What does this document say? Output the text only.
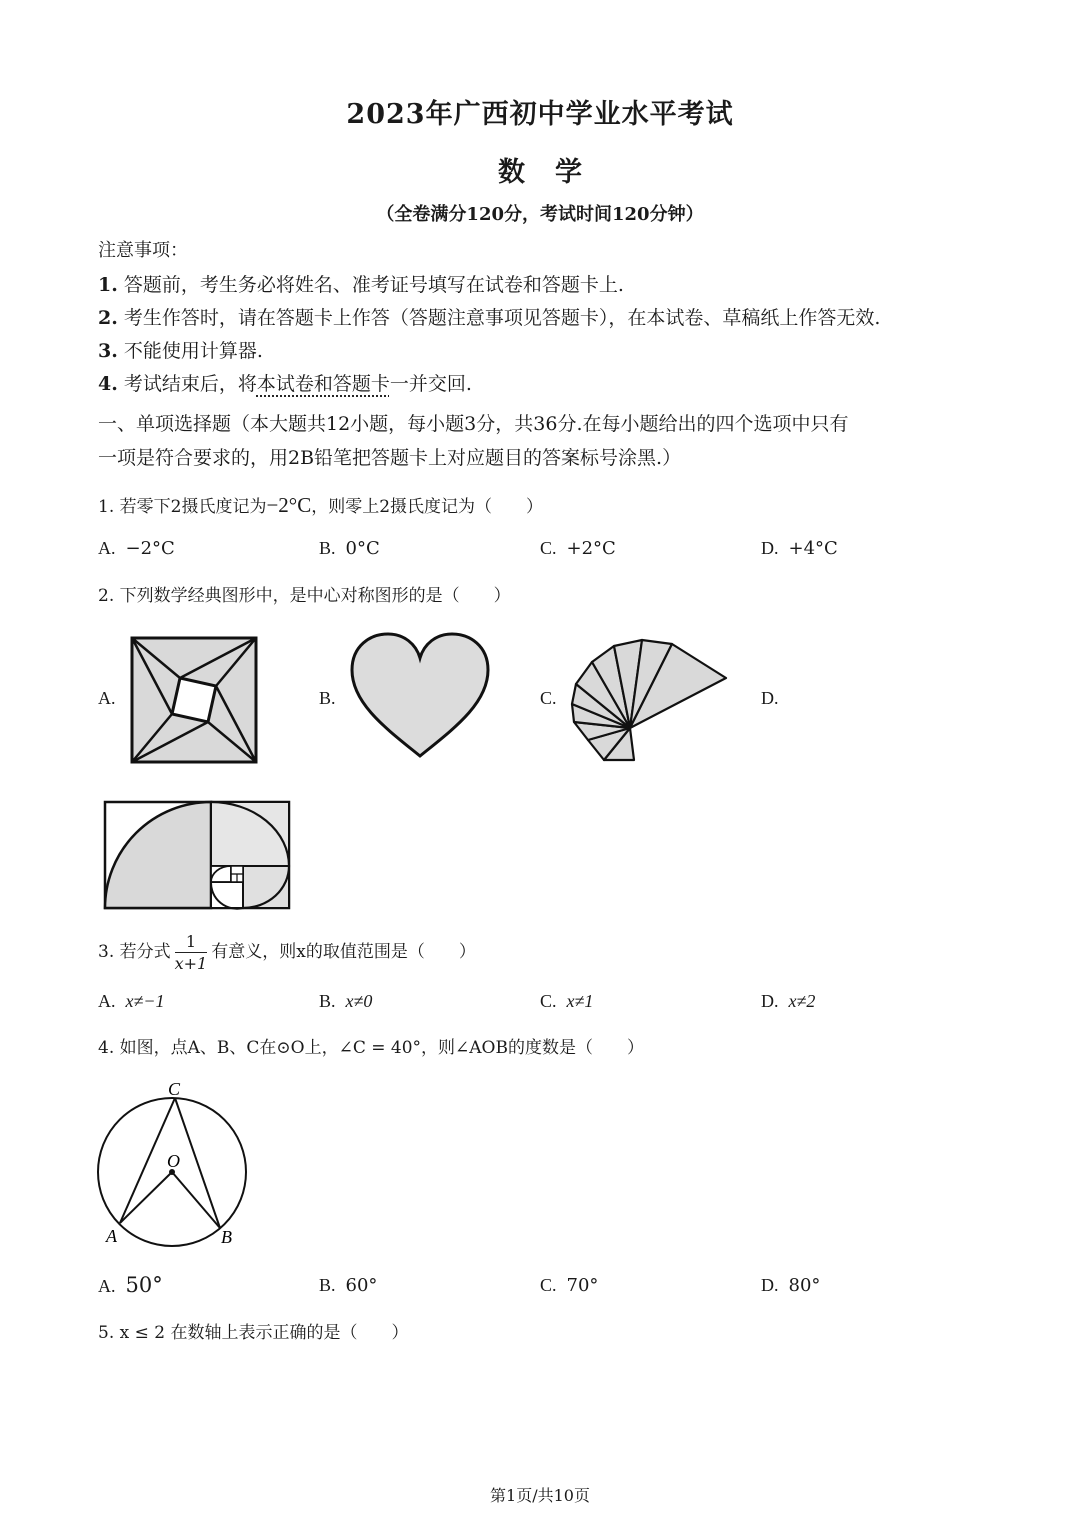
2023年广西初中学业水平考试
数学
（全卷满分120分，考试时间120分钟）
注意事项：
1. 答题前，考生务必将姓名、准考证号填写在试卷和答题卡上.
2. 考生作答时，请在答题卡上作答（答题注意事项见答题卡），在本试卷、草稿纸上作答无效.
3. 不能使用计算器.
4. 考试结束后，将本试卷和答题卡一并交回.
一、单项选择题（本大题共12小题，每小题3分，共36分.在每小题给出的四个选项中只有
一项是符合要求的，用2B铅笔把答题卡上对应题目的答案标号涂黑.）
1. 若零下2摄氏度记为−2°C，则零上2摄氏度记为（　　）
A. −2°C	B. 0°C	C. +2°C	D. +4°C
2. 下列数学经典图形中，是中心对称图形的是（　　）
A.	B.	C.	D.
3. 若分式 $\frac{1}{x+1}$ 有意义，则x的取值范围是（　　）
A. x≠−1	B. x≠0	C. x≠1	D. x≠2
4. 如图，点A、B、C在⊙O上，∠C = 40°，则∠AOB的度数是（　　）
C
O
A	B
A. 50°	B. 60°	C. 70°	D. 80°
5. x ≤ 2 在数轴上表示正确的是（　　）
第1页/共10页
